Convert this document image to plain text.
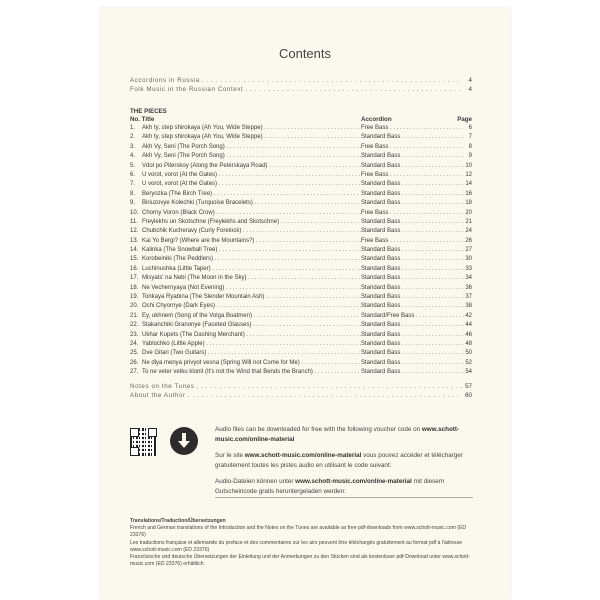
Contents
Accordions in Russia . . .	4
Folk Music in the Russian Context . . .	4
THE PIECES
No. Title	Accordion	Page
1.	Akh ty, step shirokaya (Ah You, Wide Steppe) . . .	Free Bass . . .	6
2.	Akh ty, step shirokaya (Ah You, Wide Steppe) . . .	Standard Bass . . .	7
3.	Akh Vy, Seni (The Porch Song) . . .	Free Bass . . .	8
4.	Akh Vy, Seni (The Porch Song) . . .	Standard Bass . . .	9
5.	Vdol po Piterskoy (Along the Peterskaya Road) . . .	Standard Bass . . .	10
6.	U vorot, vorot (At the Gates) . . .	Free Bass . . .	12
7.	U vorot, vorot (At the Gates) . . .	Standard Bass . . .	14
8.	Beryozka (The Birch Tree) . . .	Standard Bass . . .	16
9.	Biriuzovye Kolechki (Turquoise Bracelets) . . .	Standard Bass . . .	18
10. Chorny Voron (Black Crow) . . .	Free Bass . . .	20
11. Freylekhs un Skotschne (Freylekhs and Skotschne) . . .	Standard Bass . . .	21
12. Chubchik Kucheravy (Curly Forelock) . . .	Standard Bass . . .	24
13. Kai Yo Bergi? (Where are the Mountains?) . . .	Free Bass . . .	26
14. Kalinka (The Snowball Tree) . . .	Standard Bass . . .	27
15. Korobeiniki (The Peddlers) . . .	Standard Bass . . .	30
16. Luchinushka (Little Taper) . . .	Standard Bass . . .	33
17. Misyats' na Nebi (The Moon in the Sky) . . .	Standard Bass . . .	34
18. Ne Vechernyaya (Not Evening) . . .	Standard Bass . . .	36
19. Tonkaya Ryabina (The Slender Mountain Ash) . . .	Standard Bass . . .	37
20. Ochi Chyornye (Dark Eyes) . . .	Standard Bass . . .	38
21. Ey, ukhnem (Song of the Volga Boatmen) . . .	Standard/Free Bass . . .	42
22. Stakanchiki Granonye (Faceted Glasses) . . .	Standard Bass . . .	44
23. Ukhar Kupets (The Dashing Merchant) . . .	Standard Bass . . .	46
24. Yablochko (Little Apple) . . .	Standard Bass . . .	48
25. Dve Gitari (Two Guitars) . . .	Standard Bass . . .	50
26. Ne dlya menya privyot vesna (Spring Will not Come for Me) . . .	Standard Bass . . .	52
27. To ne veter vetku klonit (It's not the Wind that Bends the Branch) . . .	Standard Bass . . .	54
Notes on the Tunes . . .	57
About the Author . . .	60

Audio files can be downloaded for free with the following voucher code on www.schott-music.com/online-material

Sur le site www.schott-music.com/online-material vous pouvez accéder et télécharger gratuitement toutes les pistes audio en utilisant le code suivant:

Audio-Dateien können unter www.schott-music.com/online-material mit diesem Gutscheincode gratis heruntergeladen werden:

Translations/Traduction/Übersetzungen
French and German translations of the Introduction and the Notes on the Tunes are available as free pdf-downloads from www.schott-music.com (ED 23376)
Les traductions française et allemande du preface et des commentaires sur les airs peuvent être téléchargés gratuitement au format pdf à l'adresse www.schott-music.com (ED 23376)
Französische und deutsche Übersetzungen der Einleitung und der Anmerkungen zu den Stücken sind als kostenloser pdf-Download unter www.schott-music.com (ED 23376) erhältlich
